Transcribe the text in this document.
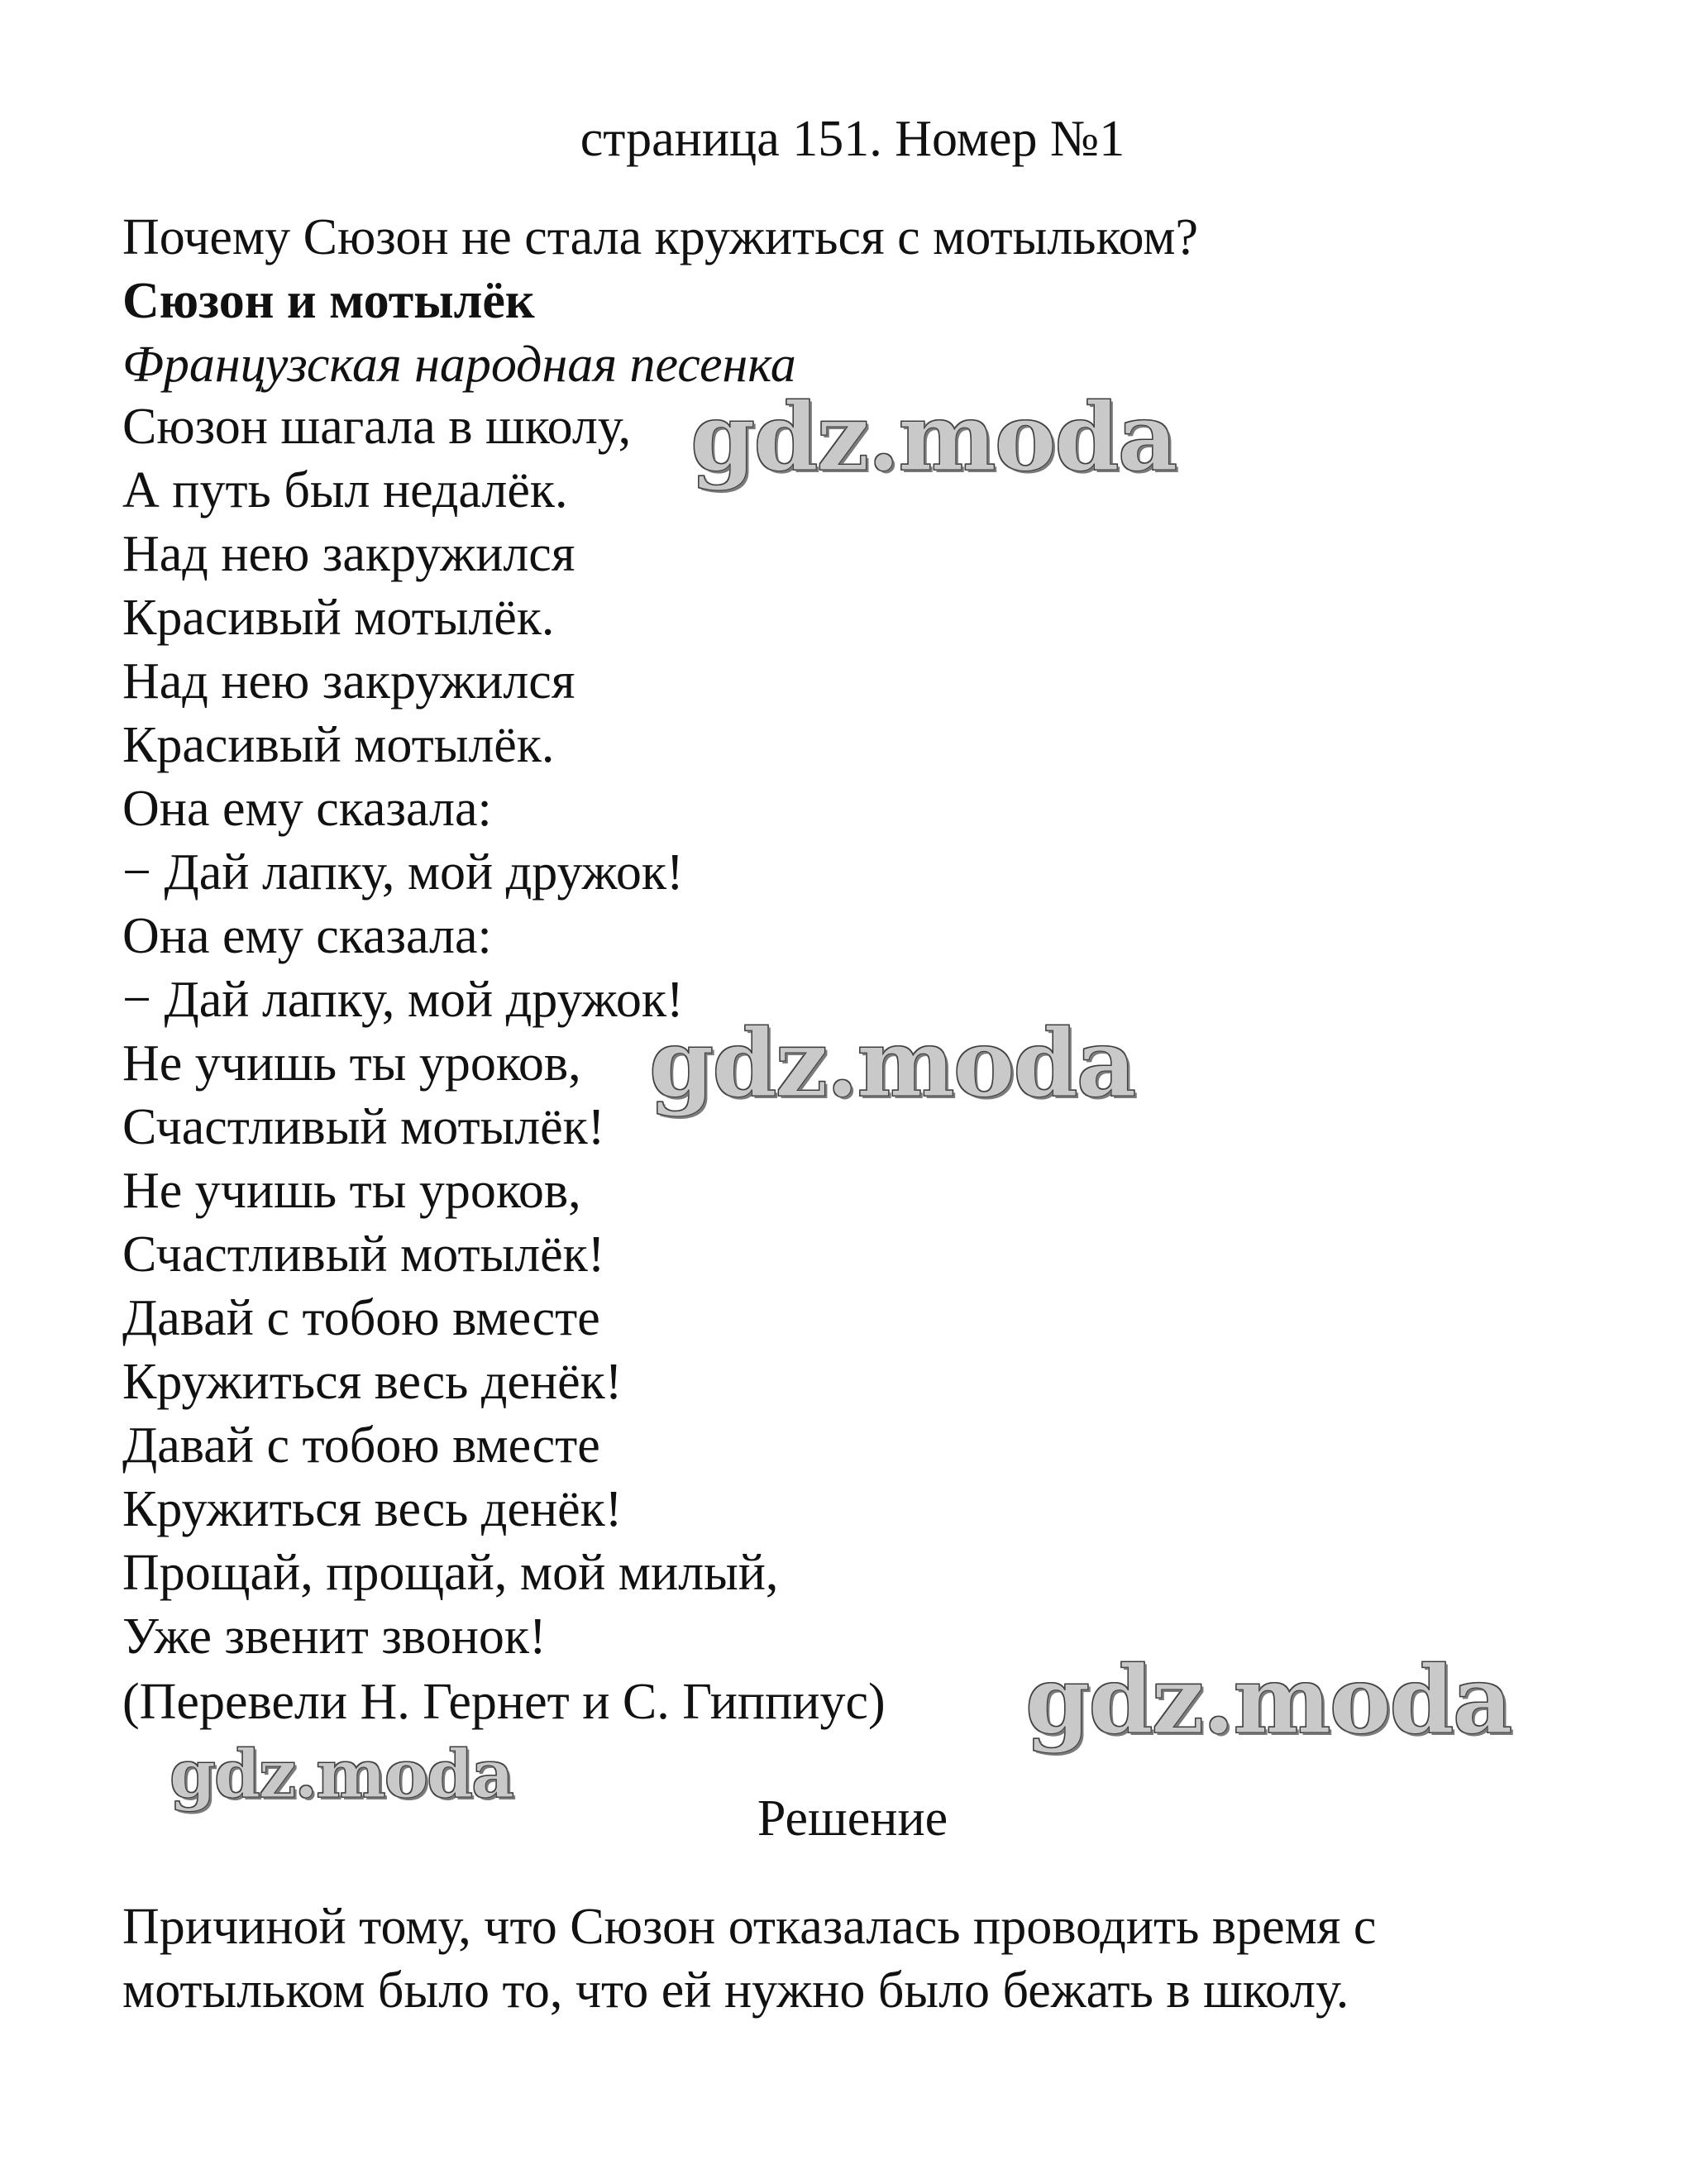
страница 151. Номер №1
Почему Сюзон не стала кружиться с мотыльком?
Сюзон и мотылёк
Французская народная песенка
Сюзон шагала в школу,
А путь был недалёк.
Над нею закружился
Красивый мотылёк.
Над нею закружился
Красивый мотылёк.
Она ему сказала:
− Дай лапку, мой дружок!
Она ему сказала:
− Дай лапку, мой дружок!
Не учишь ты уроков,
Счастливый мотылёк!
Не учишь ты уроков,
Счастливый мотылёк!
Давай с тобою вместе
Кружиться весь денёк!
Давай с тобою вместе
Кружиться весь денёк!
Прощай, прощай, мой милый,
Уже звенит звонок!
(Перевели Н. Гернет и С. Гиппиус)
Решение
Причиной тому, что Сюзон отказалась проводить время с
мотыльком было то, что ей нужно было бежать в школу.
gdz.moda
gdz.moda
gdz.moda
gdz.moda
